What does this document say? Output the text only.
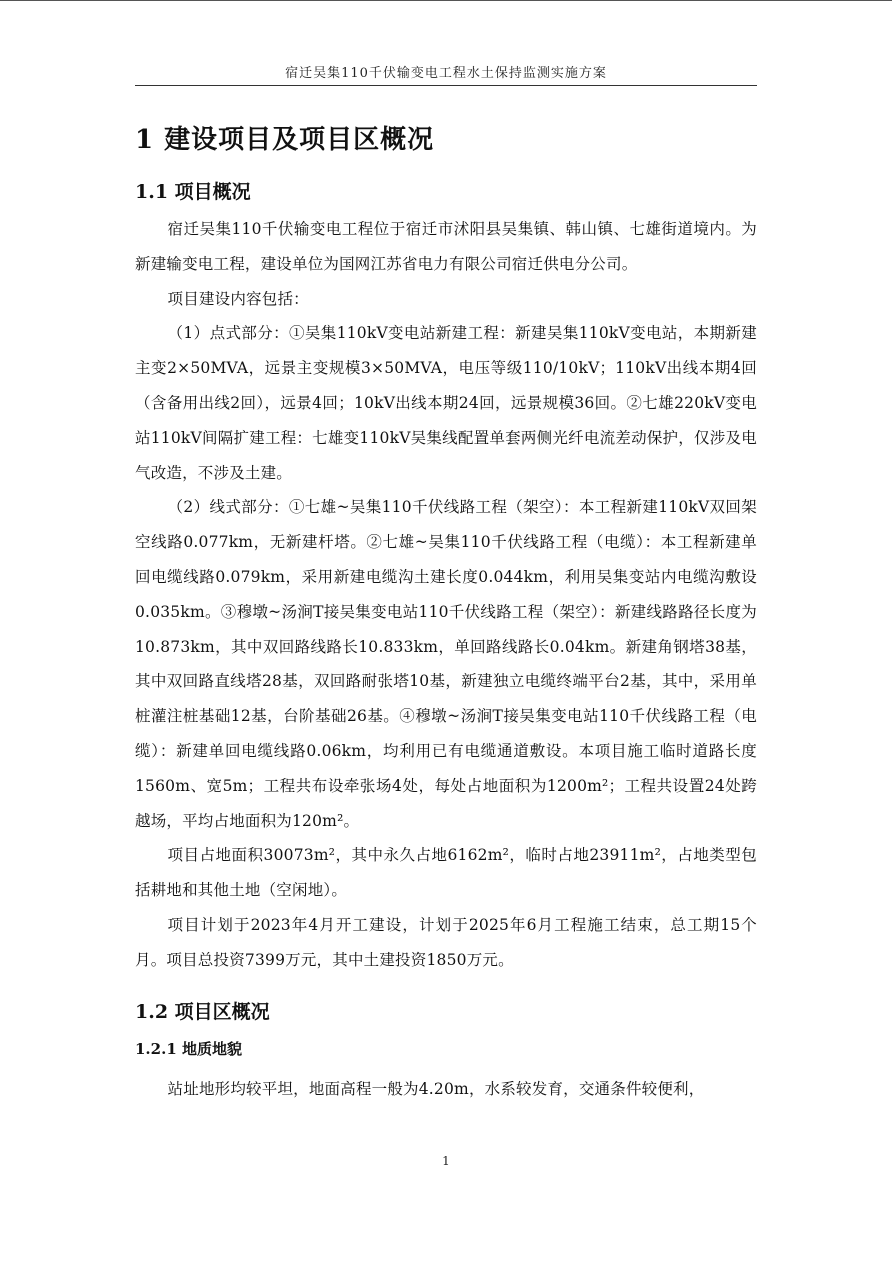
宿迁吴集110千伏输变电工程水土保持监测实施方案
1 建设项目及项目区概况
1.1 项目概况

宿迁吴集110千伏输变电工程位于宿迁市沭阳县吴集镇、韩山镇、七雄街道境内。为新建输变电工程，建设单位为国网江苏省电力有限公司宿迁供电分公司。

项目建设内容包括：

（1）点式部分：①吴集110kV变电站新建工程：新建吴集110kV变电站，本期新建主变2×50MVA，远景主变规模3×50MVA，电压等级110/10kV；110kV出线本期4回（含备用出线2回），远景4回；10kV出线本期24回，远景规模36回。②七雄220kV变电站110kV间隔扩建工程：七雄变110kV吴集线配置单套两侧光纤电流差动保护，仅涉及电气改造，不涉及土建。

（2）线式部分：①七雄~吴集110千伏线路工程（架空）：本工程新建110kV双回架空线路0.077km，无新建杆塔。②七雄~吴集110千伏线路工程（电缆）：本工程新建单回电缆线路0.079km，采用新建电缆沟土建长度0.044km，利用吴集变站内电缆沟敷设0.035km。③穆墩~汤涧T接吴集变电站110千伏线路工程（架空）：新建线路路径长度为10.873km，其中双回路线路长10.833km，单回路线路长0.04km。新建角钢塔38基，其中双回路直线塔28基，双回路耐张塔10基，新建独立电缆终端平台2基，其中，采用单桩灌注桩基础12基，台阶基础26基。④穆墩~汤涧T接吴集变电站110千伏线路工程（电缆）：新建单回电缆线路0.06km，均利用已有电缆通道敷设。本项目施工临时道路长度1560m、宽5m；工程共布设牵张场4处，每处占地面积为1200m²；工程共设置24处跨越场，平均占地面积为120m²。

项目占地面积30073m²，其中永久占地6162m²，临时占地23911m²，占地类型包括耕地和其他土地（空闲地）。

项目计划于2023年4月开工建设，计划于2025年6月工程施工结束，总工期15个月。项目总投资7399万元，其中土建投资1850万元。

1.2 项目区概况
1.2.1 地质地貌

站址地形均较平坦，地面高程一般为4.20m，水系较发育，交通条件较便利，

1
